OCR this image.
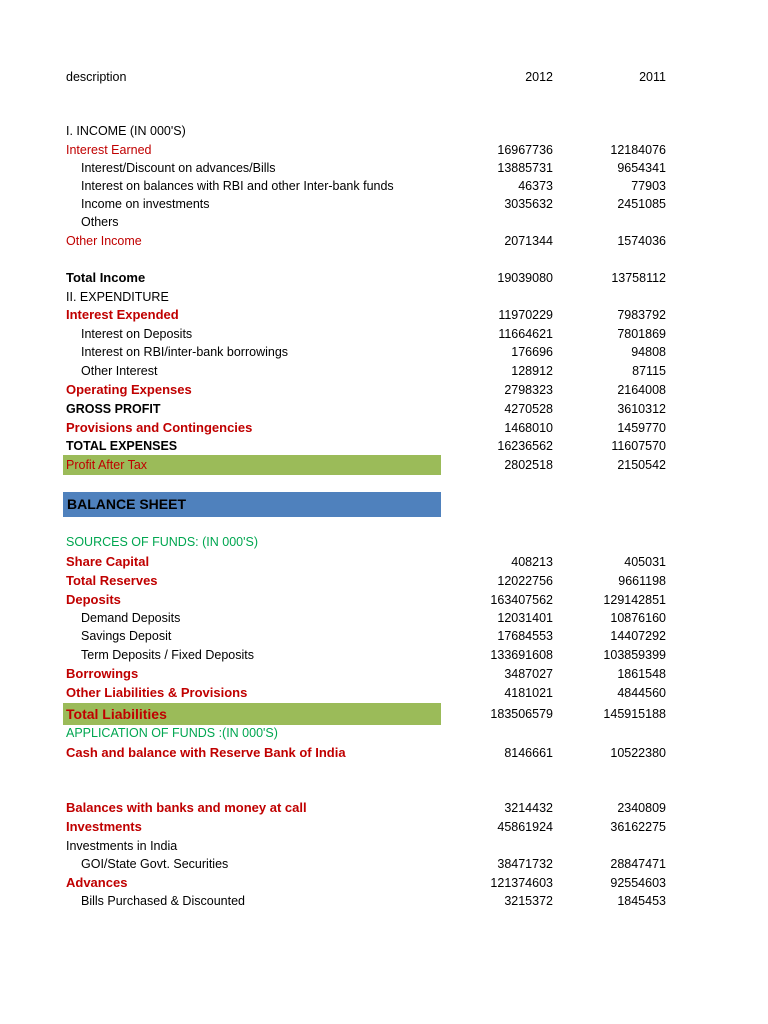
description	2012	2011
I. INCOME (IN 000'S)
Interest Earned	16967736	12184076
Interest/Discount on advances/Bills	13885731	9654341
Interest on balances with RBI and other Inter-bank funds	46373	77903
Income on investments	3035632	2451085
Others
Other Income	2071344	1574036
Total Income	19039080	13758112
II. EXPENDITURE
Interest Expended	11970229	7983792
Interest on Deposits	11664621	7801869
Interest on RBI/inter-bank borrowings	176696	94808
Other Interest	128912	87115
Operating Expenses	2798323	2164008
GROSS PROFIT	4270528	3610312
Provisions and Contingencies	1468010	1459770
TOTAL EXPENSES	16236562	11607570
Profit After Tax	2802518	2150542
BALANCE SHEET
SOURCES OF FUNDS: (IN 000'S)
Share Capital	408213	405031
Total Reserves	12022756	9661198
Deposits	163407562	129142851
Demand Deposits	12031401	10876160
Savings Deposit	17684553	14407292
Term Deposits / Fixed Deposits	133691608	103859399
Borrowings	3487027	1861548
Other Liabilities & Provisions	4181021	4844560
Total Liabilities	183506579	145915188
APPLICATION OF FUNDS :(IN 000'S)
Cash and balance with Reserve Bank of India	8146661	10522380
Balances with banks and money at call	3214432	2340809
Investments	45861924	36162275
Investments in India
GOI/State Govt. Securities	38471732	28847471
Advances	121374603	92554603
Bills Purchased & Discounted	3215372	1845453
